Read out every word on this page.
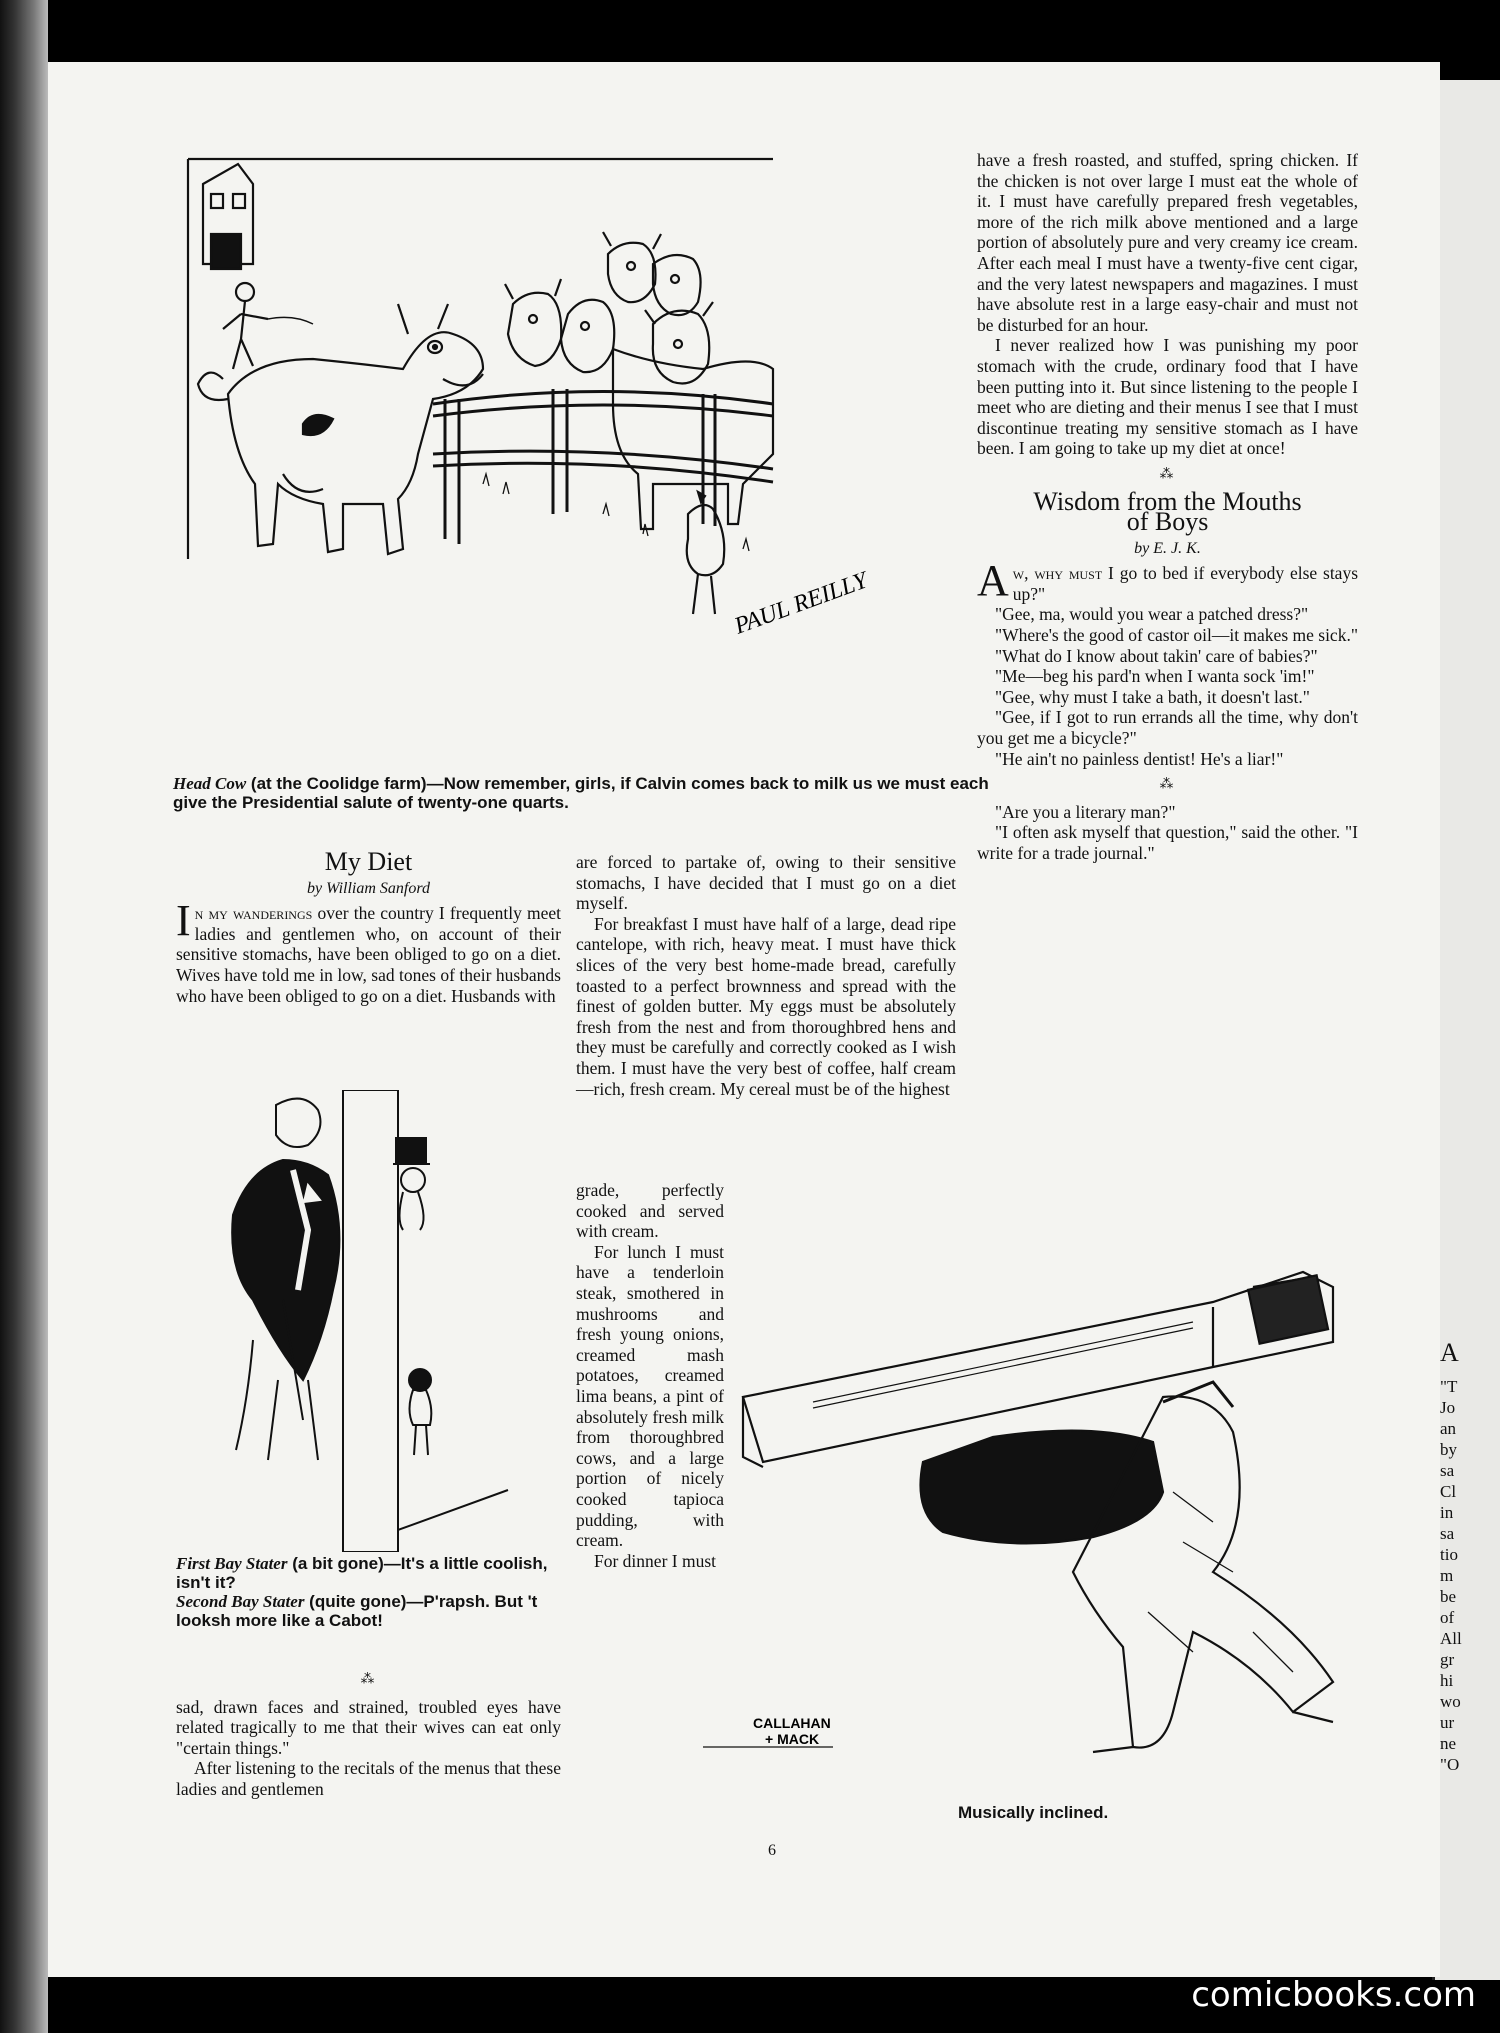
PAUL REILLY
Head Cow (at the Coolidge farm)—Now remember, girls, if Calvin comes back to milk us we must each give the Presidential salute of twenty-one quarts.

have a fresh roasted, and stuffed, spring chicken. If the chicken is not over large I must eat the whole of it. I must have carefully prepared fresh vegetables, more of the rich milk above mentioned and a large portion of absolutely pure and very creamy ice cream. After each meal I must have a twenty-five cent cigar, and the very latest newspapers and magazines. I must have absolute rest in a large easy-chair and must not be disturbed for an hour.

I never realized how I was punishing my poor stomach with the crude, ordinary food that I have been putting into it. But since listening to the people I meet who are dieting and their menus I see that I must discontinue treating my sensitive stomach as I have been. I am going to take up my diet at once!

⁂
Wisdom from the Mouths
of Boys
by E. J. K.

Aw, why must I go to bed if everybody else stays up?"

"Gee, ma, would you wear a patched dress?"

"Where's the good of castor oil—it makes me sick."

"What do I know about takin' care of babies?"

"Me—beg his pard'n when I wanta sock 'im!"

"Gee, why must I take a bath, it doesn't last."

"Gee, if I got to run errands all the time, why don't you get me a bicycle?"

"He ain't no painless dentist! He's a liar!"

⁂

"Are you a literary man?"

"I often ask myself that question," said the other. "I write for a trade journal."

My Diet
by William Sanford

In my wanderings over the country I frequently meet ladies and gentlemen who, on account of their sensitive stomachs, have been obliged to go on a diet. Wives have told me in low, sad tones of their husbands who have been obliged to go on a diet. Husbands with

First Bay Stater (a bit gone)—It's a little coolish, isn't it?
Second Bay Stater (quite gone)—P'rapsh. But 't looksh more like a Cabot!
⁂

sad, drawn faces and strained, troubled eyes have related tragically to me that their wives can eat only "certain things."

After listening to the recitals of the menus that these ladies and gentlemen

are forced to partake of, owing to their sensitive stomachs, I have decided that I must go on a diet myself.

For breakfast I must have half of a large, dead ripe cantelope, with rich, heavy meat. I must have thick slices of the very best home-made bread, carefully toasted to a perfect brownness and spread with the finest of golden butter. My eggs must be absolutely fresh from the nest and from thoroughbred hens and they must be carefully and correctly cooked as I wish them. I must have the very best of coffee, half cream—rich, fresh cream. My cereal must be of the highest

grade, perfectly cooked and served with cream.

For lunch I must have a tenderloin steak, smothered in mushrooms and fresh young onions, creamed mash potatoes, creamed lima beans, a pint of absolutely fresh milk from thoroughbred cows, and a large portion of nicely cooked tapioca pudding, with cream.

For dinner I must

CALLAHAN
+ MACK
Musically inclined.
6
A
"T
Jo
an
by
sa
Cl
in
sa
tio
m
be
of
All
gr
hi
wo
ur
ne
"O
comicbooks.com
